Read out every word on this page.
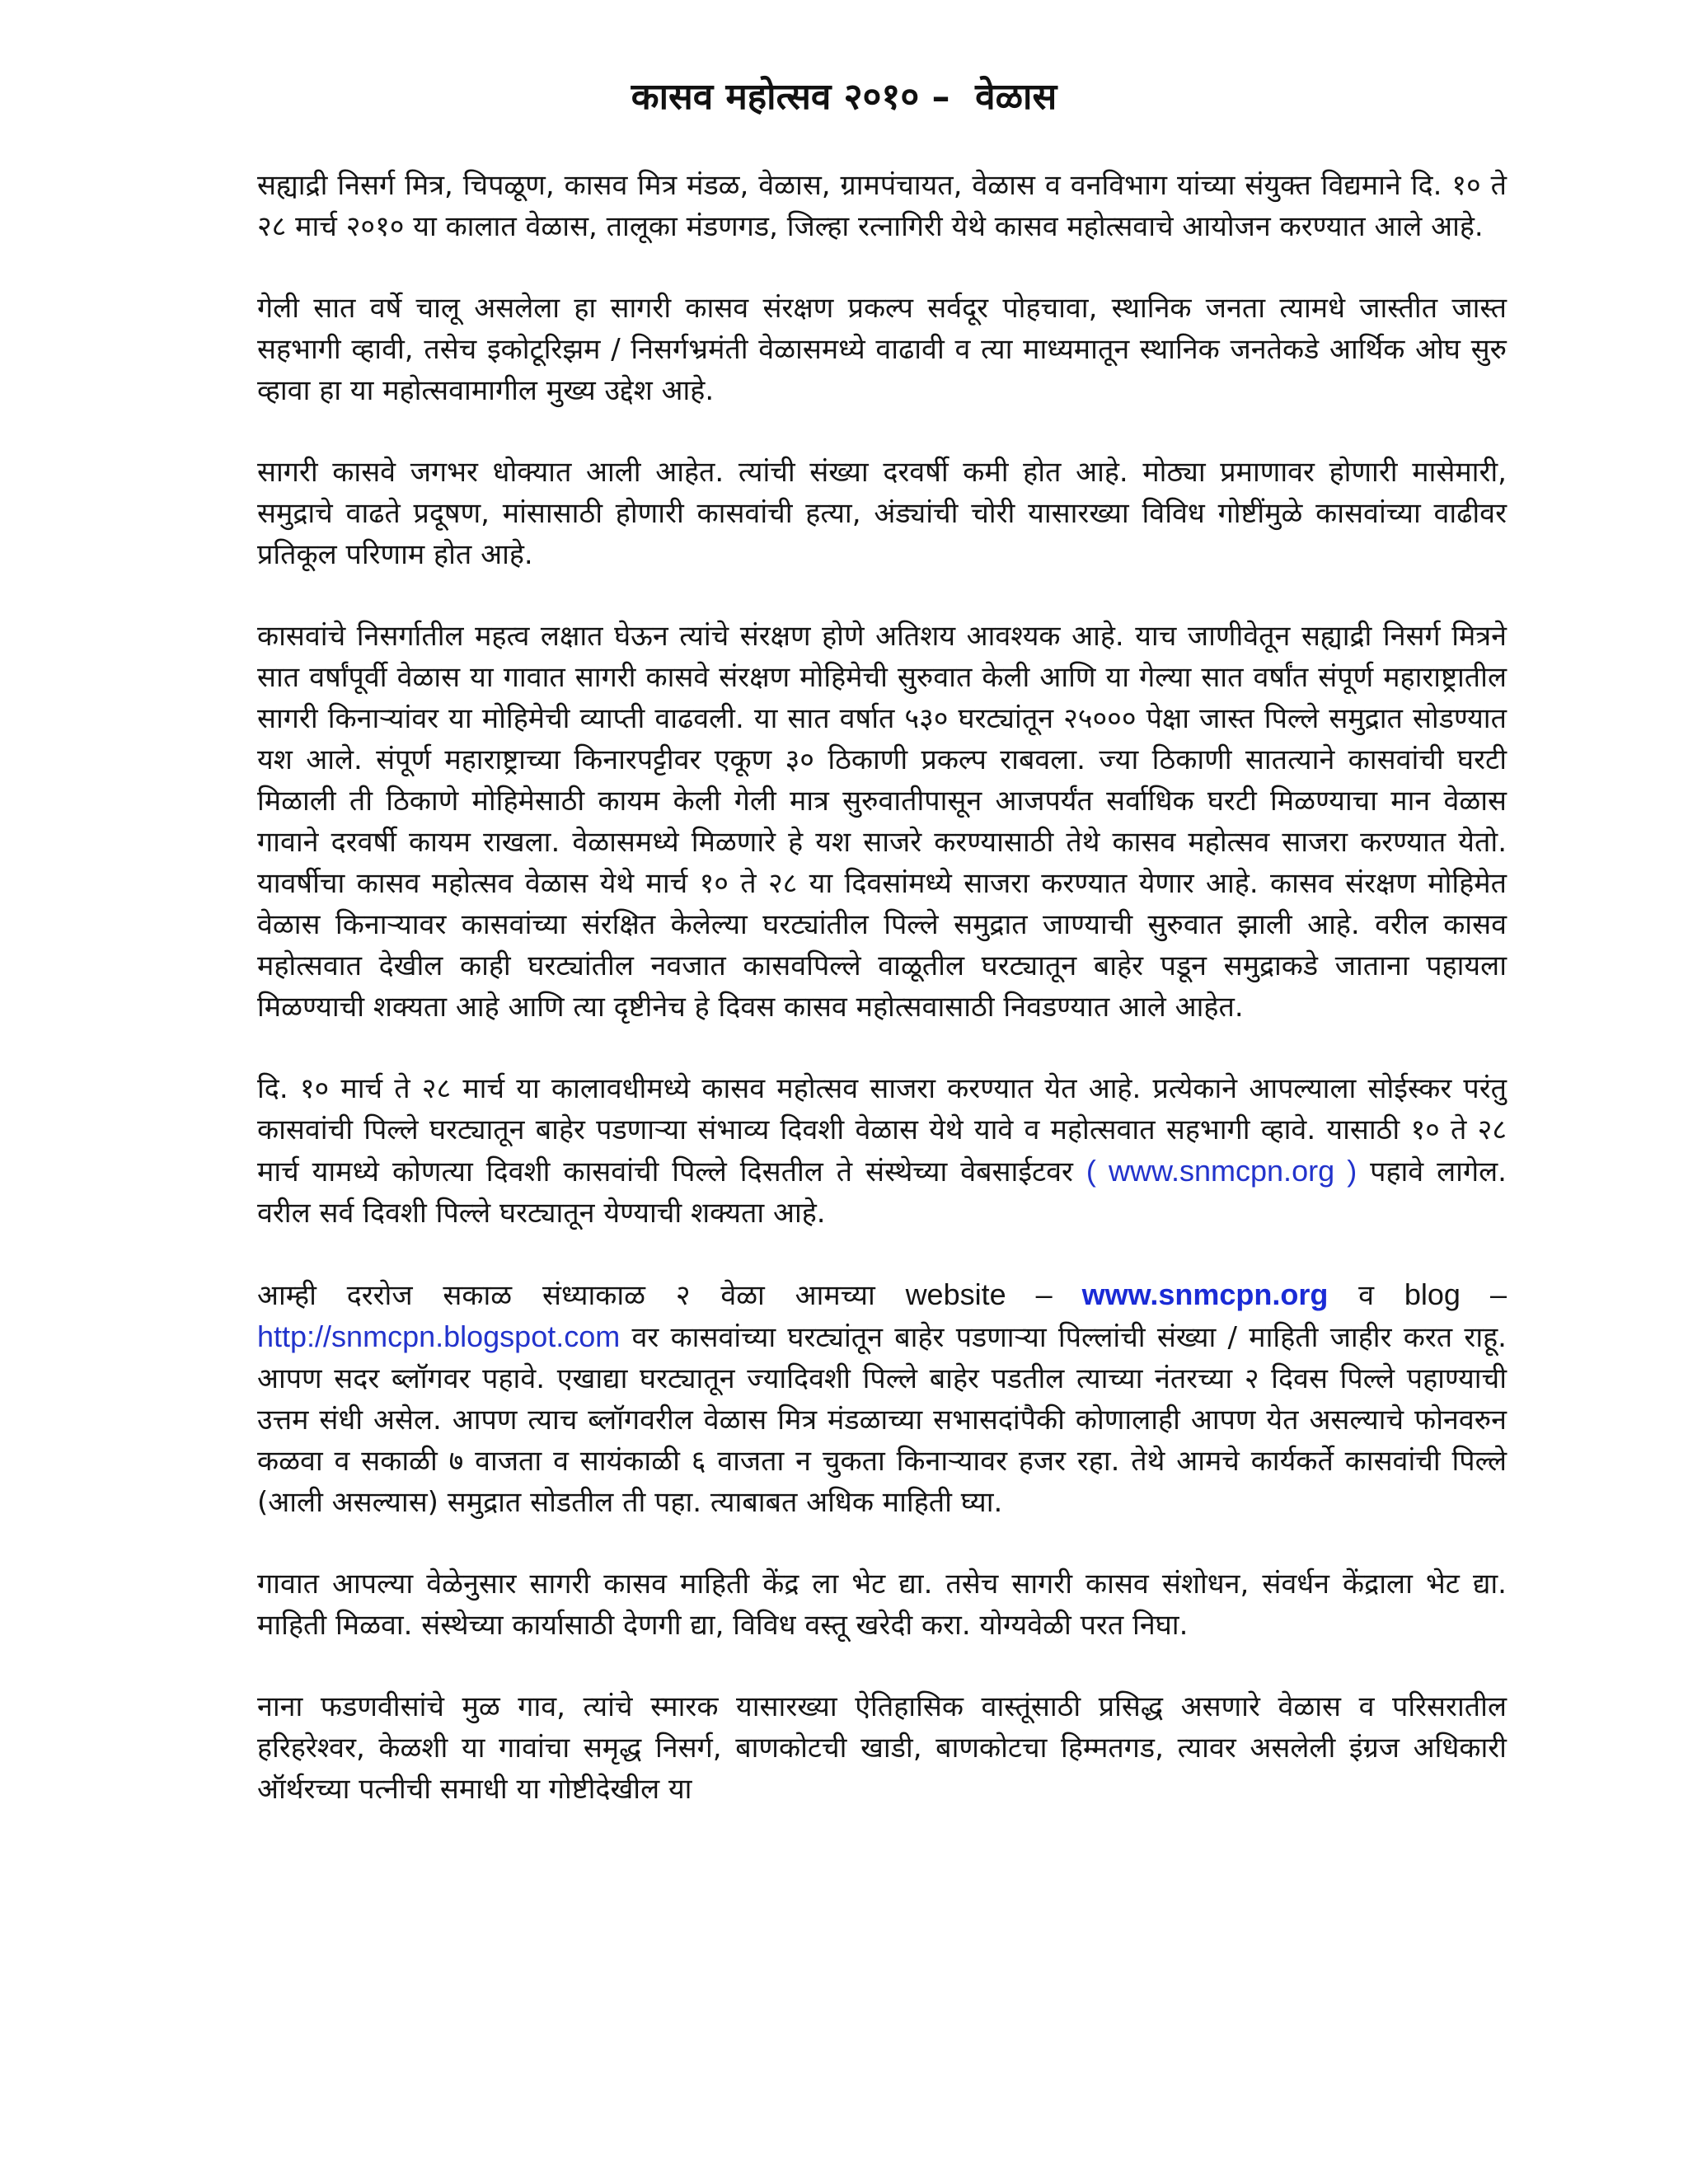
कासव महोत्सव २०१० –  वेळास

सह्याद्री निसर्ग मित्र, चिपळूण, कासव मित्र मंडळ, वेळास, ग्रामपंचायत, वेळास व वनविभाग यांच्या संयुक्त विद्यमाने दि. १० ते २८ मार्च २०१० या कालात वेळास, तालूका मंडणगड, जिल्हा रत्नागिरी येथे कासव महोत्सवाचे आयोजन करण्यात आले आहे.

गेली सात वर्षे चालू असलेला हा सागरी कासव संरक्षण प्रकल्प सर्वदूर पोहचावा, स्थानिक जनता त्यामधे जास्तीत जास्त सहभागी व्हावी, तसेच इकोटूरिझम / निसर्गभ्रमंती वेळासमध्ये वाढावी व त्या माध्यमातून स्थानिक जनतेकडे आर्थिक ओघ सुरु व्हावा हा या महोत्सवामागील मुख्य उद्देश आहे.

सागरी कासवे जगभर धोक्यात आली आहेत. त्यांची संख्या दरवर्षी कमी होत आहे. मोठ्या प्रमाणावर होणारी मासेमारी, समुद्राचे वाढते प्रदूषण, मांसासाठी होणारी कासवांची हत्या, अंड्यांची चोरी यासारख्या विविध गोष्टींमुळे कासवांच्या वाढीवर प्रतिकूल परिणाम होत आहे.

कासवांचे निसर्गातील महत्व लक्षात घेऊन त्यांचे संरक्षण होणे अतिशय आवश्यक आहे. याच जाणीवेतून सह्याद्री निसर्ग मित्रने सात वर्षांपूर्वी वेळास या गावात सागरी कासवे संरक्षण मोहिमेची सुरुवात केली आणि या गेल्या सात वर्षांत संपूर्ण महाराष्ट्रातील सागरी किनाऱ्यांवर या मोहिमेची व्याप्ती वाढवली. या सात वर्षात ५३० घरट्यांतून २५००० पेक्षा जास्त पिल्ले समुद्रात सोडण्यात यश आले. संपूर्ण महाराष्ट्राच्या किनारपट्टीवर एकूण ३० ठिकाणी प्रकल्प राबवला. ज्या ठिकाणी सातत्याने कासवांची घरटी मिळाली ती ठिकाणे मोहिमेसाठी कायम केली गेली मात्र सुरुवातीपासून आजपर्यंत सर्वाधिक घरटी मिळण्याचा मान वेळास गावाने दरवर्षी कायम राखला. वेळासमध्ये मिळणारे हे यश साजरे करण्यासाठी तेथे कासव महोत्सव साजरा करण्यात येतो. यावर्षीचा कासव महोत्सव वेळास येथे मार्च १० ते २८ या दिवसांमध्ये साजरा करण्यात येणार आहे. कासव संरक्षण मोहिमेत वेळास किनाऱ्यावर कासवांच्या संरक्षित केलेल्या घरट्यांतील पिल्ले समुद्रात जाण्याची सुरुवात झाली आहे. वरील कासव महोत्सवात देखील काही घरट्यांतील नवजात कासवपिल्ले वाळूतील घरट्यातून बाहेर पडून समुद्राकडे जाताना पहायला मिळण्याची शक्यता आहे आणि त्या दृष्टीनेच हे दिवस कासव महोत्सवासाठी निवडण्यात आले आहेत.

दि. १० मार्च ते २८ मार्च या कालावधीमध्ये कासव महोत्सव साजरा करण्यात येत आहे. प्रत्येकाने आपल्याला सोईस्कर परंतु कासवांची पिल्ले घरट्यातून बाहेर पडणाऱ्या संभाव्य दिवशी वेळास येथे यावे व महोत्सवात सहभागी व्हावे. यासाठी १० ते २८ मार्च यामध्ये कोणत्या दिवशी कासवांची पिल्ले दिसतील ते संस्थेच्या वेबसाईटवर ( www.snmcpn.org ) पहावे लागेल. वरील सर्व दिवशी पिल्ले घरट्यातून येण्याची शक्यता आहे.

आम्ही दररोज सकाळ संध्याकाळ २ वेळा आमच्या website – www.snmcpn.org व blog – http://snmcpn.blogspot.com वर कासवांच्या घरट्यांतून बाहेर पडणाऱ्या पिल्लांची संख्या / माहिती जाहीर करत राहू. आपण सदर ब्लॉगवर पहावे. एखाद्या घरट्यातून ज्यादिवशी पिल्ले बाहेर पडतील त्याच्या नंतरच्या २ दिवस पिल्ले पहाण्याची उत्तम संधी असेल. आपण त्याच ब्लॉगवरील वेळास मित्र मंडळाच्या सभासदांपैकी कोणालाही आपण येत असल्याचे फोनवरुन कळवा व सकाळी ७ वाजता व सायंकाळी ६ वाजता न चुकता किनाऱ्यावर हजर रहा. तेथे आमचे कार्यकर्ते कासवांची पिल्ले (आली असल्यास) समुद्रात सोडतील ती पहा. त्याबाबत अधिक माहिती घ्या.

गावात आपल्या वेळेनुसार सागरी कासव माहिती केंद्र ला भेट द्या. तसेच सागरी कासव संशोधन, संवर्धन केंद्राला भेट द्या. माहिती मिळवा. संस्थेच्या कार्यासाठी देणगी द्या, विविध वस्तू खरेदी करा. योग्यवेळी परत निघा.

नाना फडणवीसांचे मुळ गाव, त्यांचे स्मारक यासारख्या ऐतिहासिक वास्तूंसाठी प्रसिद्ध असणारे वेळास व परिसरातील हरिहरेश्वर, केळशी या गावांचा समृद्ध निसर्ग, बाणकोटची खाडी, बाणकोटचा हिम्मतगड, त्यावर असलेली इंग्रज अधिकारी ऑर्थरच्या पत्नीची समाधी या गोष्टीदेखील या
